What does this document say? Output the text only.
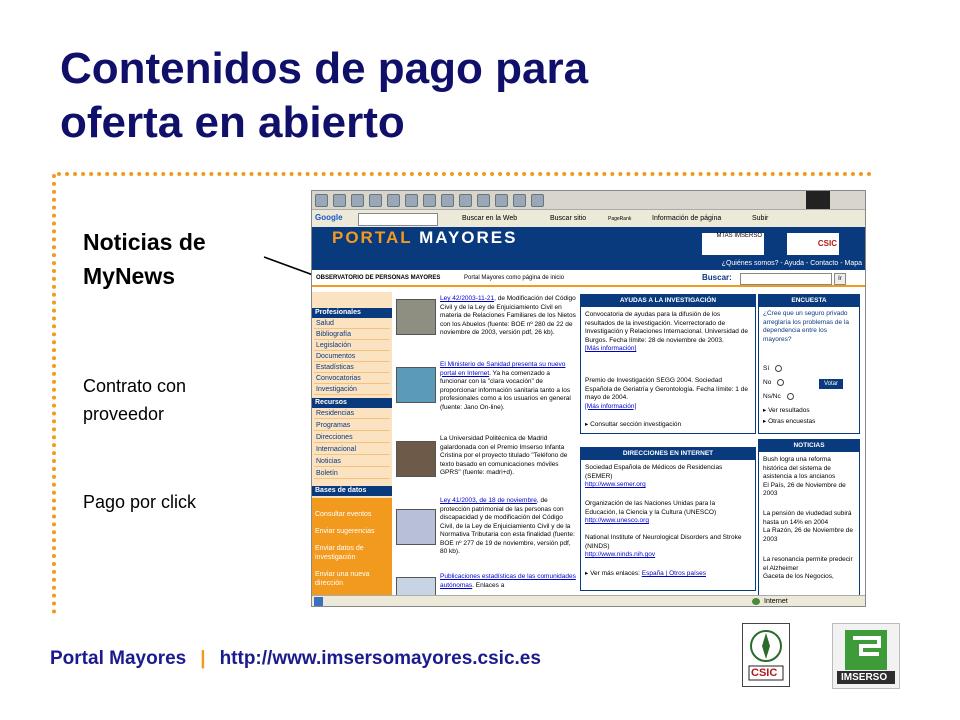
Contenidos de pago para
oferta en abierto
Noticias de
MyNews
Contrato con
proveedor
Pago por click
Google	Buscar en la Web	Buscar sitio	PageRank	Información de página	Subir
PORTAL MAYORES	MTAS IMSERSO
CSIC
¿Quiénes somos? - Ayuda - Contacto - Mapa
OBSERVATORIO DE PERSONAS MAYORES	Portal Mayores como página de inicio	Buscar:	Ir
Profesionales
Salud
Bibliografía
Legislación
Documentos
Estadísticas
Convocatorias
Investigación
Recursos
Residencias
Programas
Direcciones
Internacional
Noticias
Boletín
Bases de datos
Consultar eventos
Enviar sugerencias
Enviar datos de investigación
Enviar una nueva dirección
Ley 42/2003-11-21, de Modificación del Código Civil y de la Ley de Enjuiciamiento Civil en materia de Relaciones Familiares de los Nietos con los Abuelos (fuente: BOE nº 280 de 22 de noviembre de 2003, versión pdf, 26 kb).
El Ministerio de Sanidad presenta su nuevo portal en Internet. Ya ha comenzado a funcionar con la "clara vocación" de proporcionar información sanitaria tanto a los profesionales como a los usuarios en general (fuente: Jano On-line).
La Universidad Politécnica de Madrid galardonada con el Premio Imserso Infanta Cristina por el proyecto titulado "Teléfono de texto basado en comunicaciones móviles GPRS" (fuente: madri+d).
Ley 41/2003, de 18 de noviembre, de protección patrimonial de las personas con discapacidad y de modificación del Código Civil, de la Ley de Enjuiciamiento Civil y de la Normativa Tributaria con esta finalidad (fuente: BOE nº 277 de 19 de noviembre, versión pdf, 80 kb).
Publicaciones estadísticas de las comunidades autónomas. Enlaces a
AYUDAS A LA INVESTIGACIÓN
Convocatoria de ayudas para la difusión de los resultados de la investigación. Vicerrectorado de Investigación y Relaciones Internacional. Universidad de Burgos. Fecha límite: 28 de noviembre de 2003.
[Más información]
Premio de Investigación SEGG 2004. Sociedad Española de Geriatría y Gerontología. Fecha límite: 1 de mayo de 2004.
[Más información]
▸ Consultar sección investigación
DIRECCIONES EN INTERNET
Sociedad Española de Médicos de Residencias (SEMER)
http://www.semer.org
Organización de las Naciones Unidas para la Educación, la Ciencia y la Cultura (UNESCO)
http://www.unesco.org
National Institute of Neurological Disorders and Stroke (NINDS)
http://www.ninds.nih.gov
▸ Ver más enlaces: España | Otros países
ENCUESTA
¿Cree que un seguro privado arreglaría los problemas de la dependencia entre los mayores?
Sí
No
Ns/Nc
Votar
▸ Ver resultados
▸ Otras encuestas
NOTICIAS
Bush logra una reforma histórica del sistema de asistencia a los ancianos
El País, 26 de Noviembre de 2003
La pensión de viudedad subirá hasta un 14% en 2004
La Razón, 26 de Noviembre de 2003
La resonancia permite predecir el Alzheimer
Gaceta de los Negocios,
Internet
Portal Mayores | http://www.imsersomayores.csic.es
CSIC	IMSERSO
